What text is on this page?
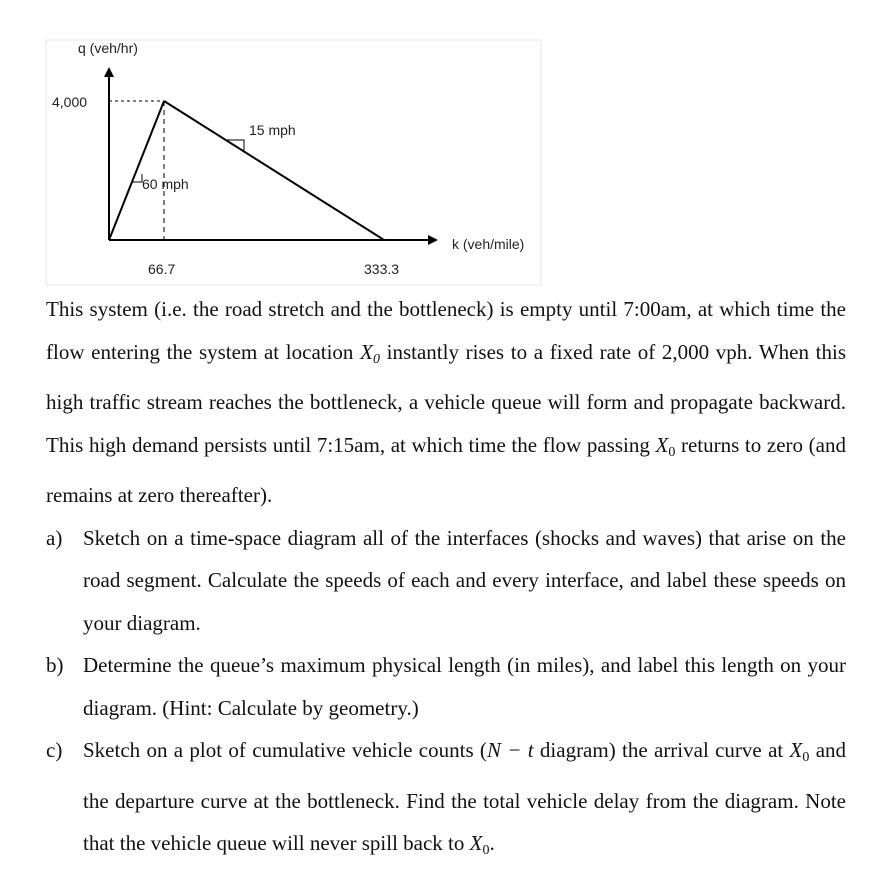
q (veh/hr)
4,000
15 mph
60 mph
k (veh/mile)
66.7	333.3

This system (i.e. the road stretch and the bottleneck) is empty until 7:00am, at which time the flow entering the system at location $X_0$ instantly rises to a fixed rate of 2,000 vph. When this high traffic stream reaches the bottleneck, a vehicle queue will form and propagate backward. This high demand persists until 7:15am, at which time the flow passing $X_0$ returns to zero (and remains at zero thereafter).

a) Sketch on a time-space diagram all of the interfaces (shocks and waves) that arise on the road segment. Calculate the speeds of each and every interface, and label these speeds on your diagram.
b) Determine the queue’s maximum physical length (in miles), and label this length on your diagram. (Hint: Calculate by geometry.)
c) Sketch on a plot of cumulative vehicle counts (N − t diagram) the arrival curve at $X_0$ and the departure curve at the bottleneck. Find the total vehicle delay from the diagram. Note that the vehicle queue will never spill back to $X_0$.
